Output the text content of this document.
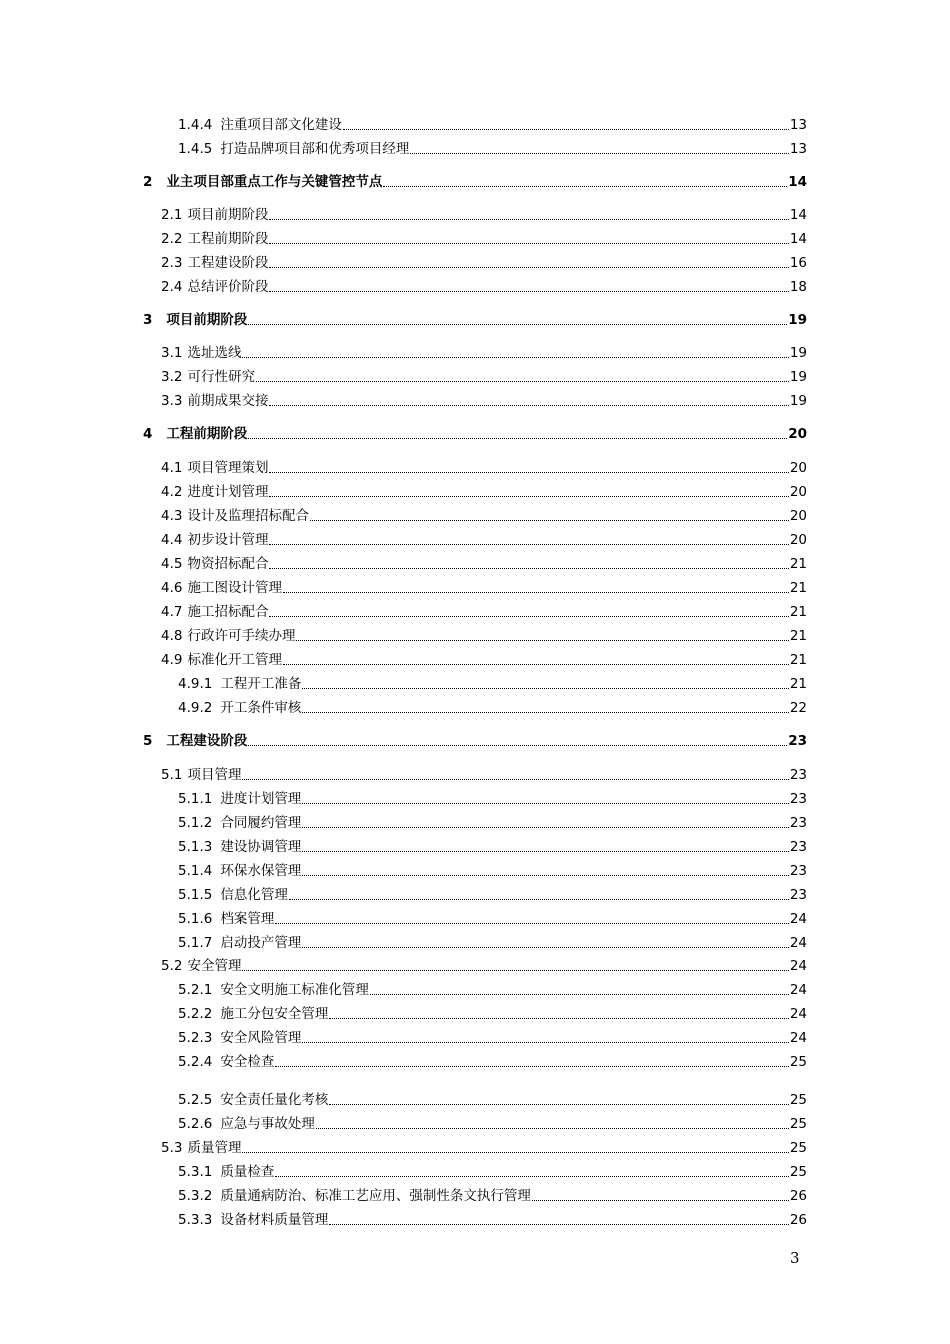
1.4.4 注重项目部文化建设	13
1.4.5 打造品牌项目部和优秀项目经理	13
2 业主项目部重点工作与关键管控节点	14
2.1 项目前期阶段	14
2.2 工程前期阶段	14
2.3 工程建设阶段	16
2.4 总结评价阶段	18
3 项目前期阶段	19
3.1 选址选线	19
3.2 可行性研究	19
3.3 前期成果交接	19
4 工程前期阶段	20
4.1 项目管理策划	20
4.2 进度计划管理	20
4.3 设计及监理招标配合	20
4.4 初步设计管理	20
4.5 物资招标配合	21
4.6 施工图设计管理	21
4.7 施工招标配合	21
4.8 行政许可手续办理	21
4.9 标准化开工管理	21
4.9.1 工程开工准备	21
4.9.2 开工条件审核	22
5 工程建设阶段	23
5.1 项目管理	23
5.1.1 进度计划管理	23
5.1.2 合同履约管理	23
5.1.3 建设协调管理	23
5.1.4 环保水保管理	23
5.1.5 信息化管理	23
5.1.6 档案管理	24
5.1.7 启动投产管理	24
5.2 安全管理	24
5.2.1 安全文明施工标准化管理	24
5.2.2 施工分包安全管理	24
5.2.3 安全风险管理	24
5.2.4 安全检查	25
5.2.5 安全责任量化考核	25
5.2.6 应急与事故处理	25
5.3 质量管理	25
5.3.1 质量检查	25
5.3.2 质量通病防治、标准工艺应用、强制性条文执行管理	26
5.3.3 设备材料质量管理	26
3
